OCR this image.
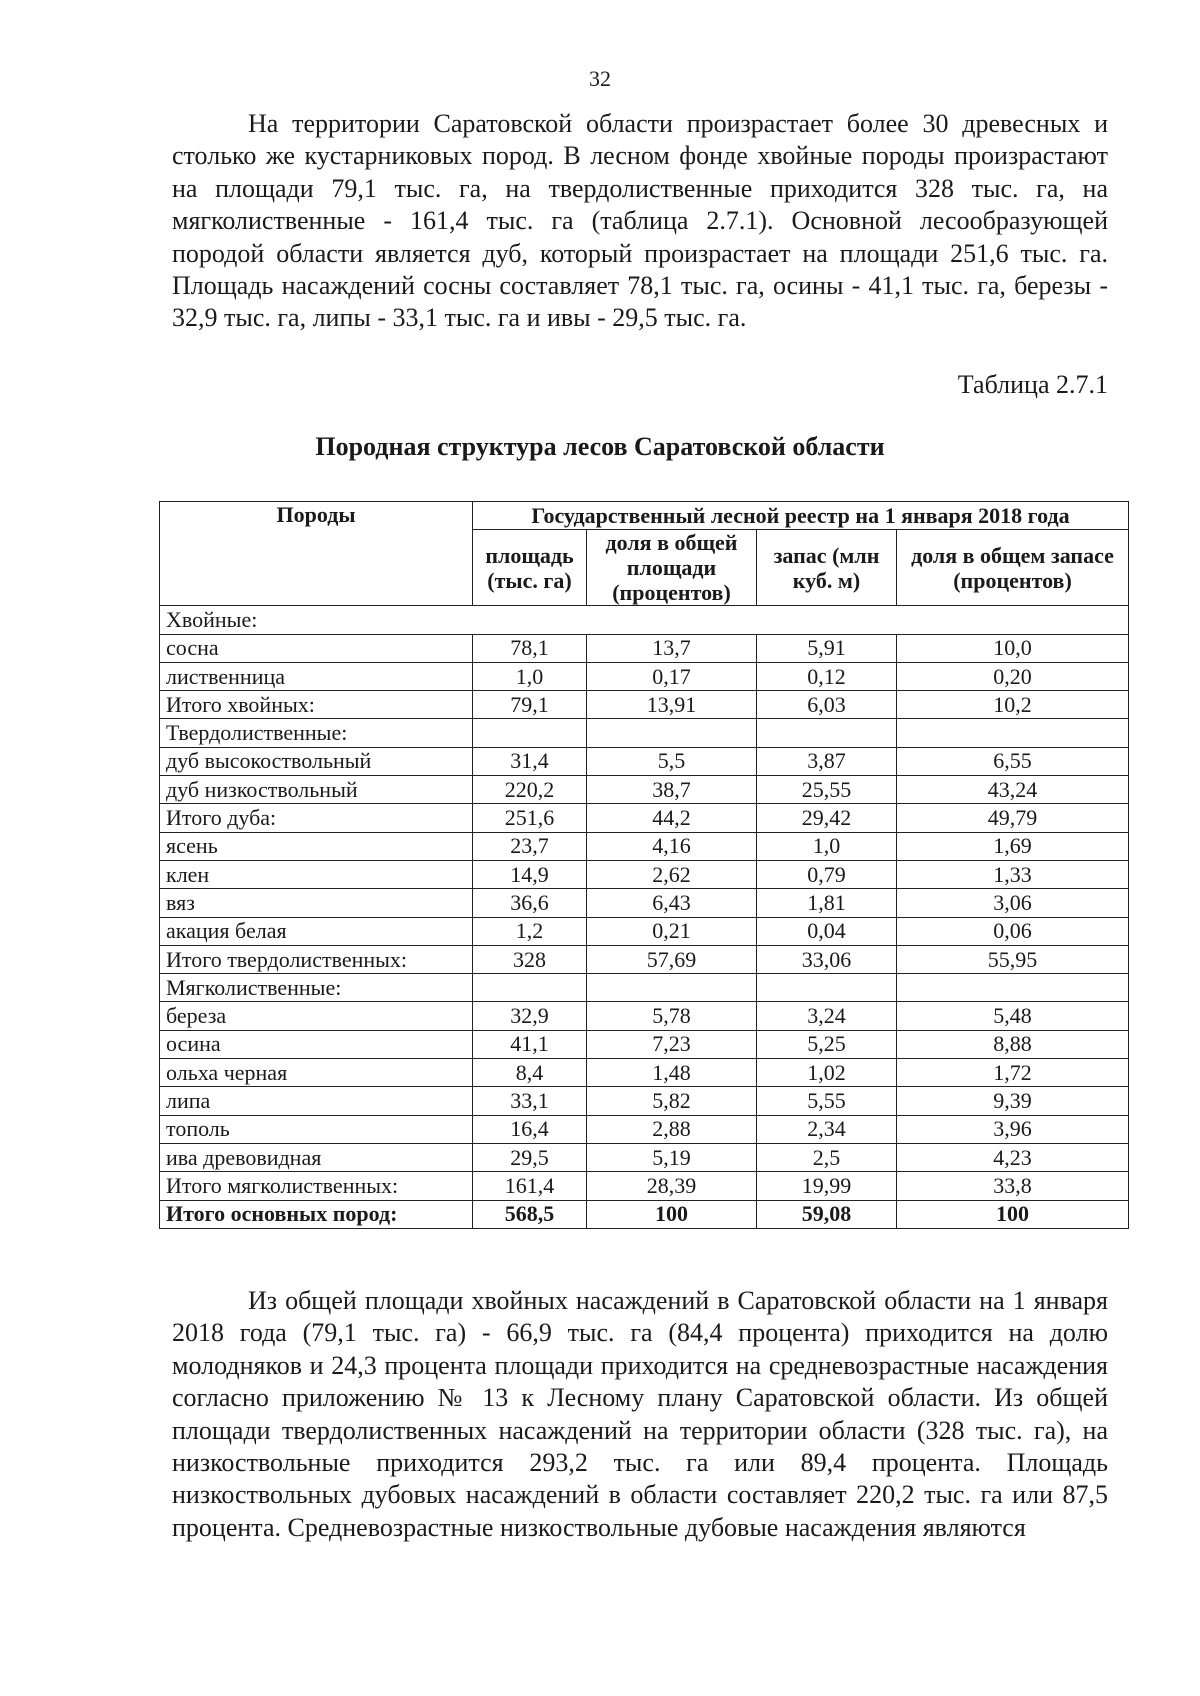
32

На территории Саратовской области произрастает более 30 древесных и столько же кустарниковых пород. В лесном фонде хвойные породы произрастают на площади 79,1 тыс. га, на твердолиственные приходится 328 тыс. га, на мягколиственные - 161,4 тыс. га (таблица 2.7.1). Основной лесообразующей породой области является дуб, который произрастает на площади 251,6 тыс. га. Площадь насаждений сосны составляет 78,1 тыс. га, осины - 41,1 тыс. га, березы - 32,9 тыс. га, липы - 33,1 тыс. га и ивы - 29,5 тыс. га.

Таблица 2.7.1
Породная структура лесов Саратовской области
Породы	Государственный лесной реестр на 1 января 2018 года			
	площадь (тыс. га)	доля в общей площади (процентов)	запас (млн куб. м)	доля в общем запасе (процентов)
Хвойные:				
сосна	78,1	13,7	5,91	10,0
лиственница	1,0	0,17	0,12	0,20
Итого хвойных:	79,1	13,91	6,03	10,2
Твердолиственные:				
дуб высокоствольный	31,4	5,5	3,87	6,55
дуб низкоствольный	220,2	38,7	25,55	43,24
Итого дуба:	251,6	44,2	29,42	49,79
ясень	23,7	4,16	1,0	1,69
клен	14,9	2,62	0,79	1,33
вяз	36,6	6,43	1,81	3,06
акация белая	1,2	0,21	0,04	0,06
Итого твердолиственных:	328	57,69	33,06	55,95
Мягколиственные:				
береза	32,9	5,78	3,24	5,48
осина	41,1	7,23	5,25	8,88
ольха черная	8,4	1,48	1,02	1,72
липа	33,1	5,82	5,55	9,39
тополь	16,4	2,88	2,34	3,96
ива древовидная	29,5	5,19	2,5	4,23
Итого мягколиственных:	161,4	28,39	19,99	33,8
Итого основных пород:	568,5	100	59,08	100

Из общей площади хвойных насаждений в Саратовской области на 1 января 2018 года (79,1 тыс. га) - 66,9 тыс. га (84,4 процента) приходится на долю молодняков и 24,3 процента площади приходится на средневозрастные насаждения согласно приложению № 13 к Лесному плану Саратовской области. Из общей площади твердолиственных насаждений на территории области (328 тыс. га), на низкоствольные приходится 293,2 тыс. га или 89,4 процента. Площадь низкоствольных дубовых насаждений в области составляет 220,2 тыс. га или 87,5 процента. Средневозрастные низкоствольные дубовые насаждения являются
